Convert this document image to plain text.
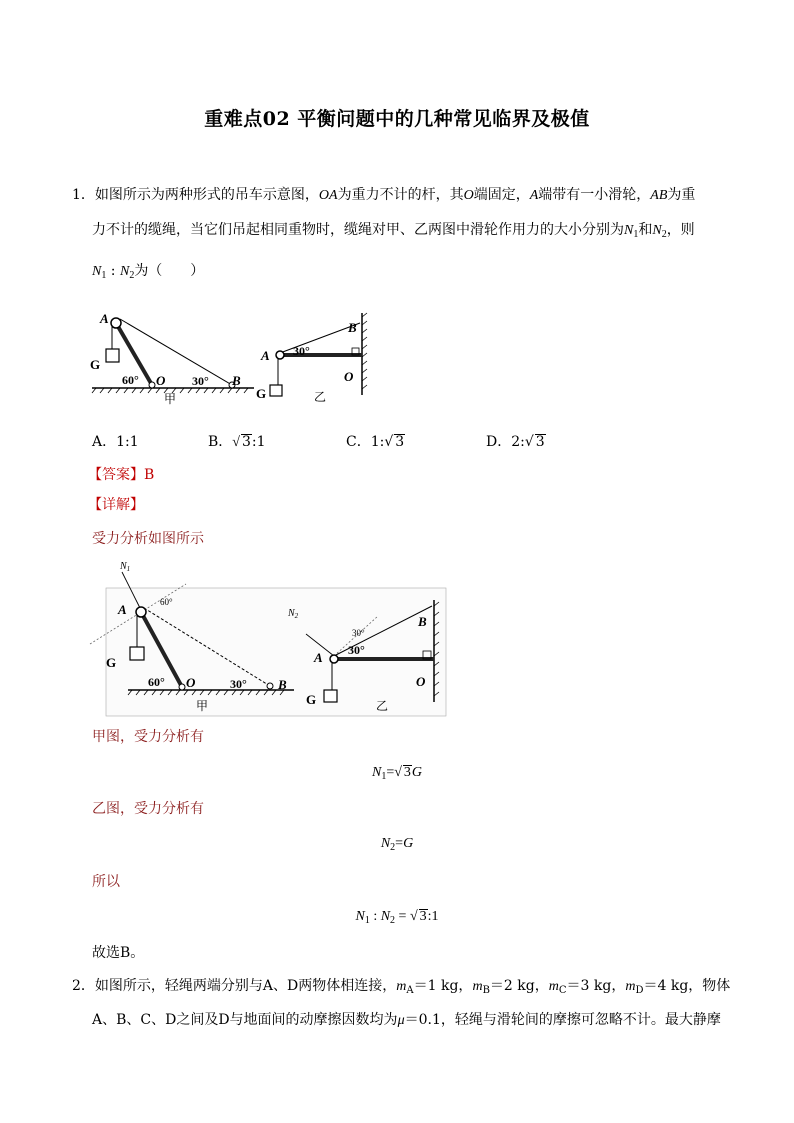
重难点02 平衡问题中的几种常见临界及极值
1．如图所示为两种形式的吊车示意图，OA为重力不计的杆，其O端固定，A端带有一小滑轮，AB为重
力不计的缆绳，当它们吊起相同重物时，缆绳对甲、乙两图中滑轮作用力的大小分别为$N_1$和$N_2$，则
$N_1$ : $N_2$为（　　）
A
G
60° O 30° B
甲
A 30°
B
O
G	乙
A．1:1	B．√ 3:1	C．1:√ 3	D．2:√ 3
【答案】B
【详解】
受力分析如图所示
$N_1$
60°
A
G
60° O	30° B
甲
$N_2$
30°
A 30°
B
O
G	乙
甲图，受力分析有
$N_1=√$ 3G
乙图，受力分析有
$N_2=G$
所以
$N_1$ : $N_2$ = √ 3:1
故选B。
2．如图所示，轻绳两端分别与A、D两物体相连接，$m_A=1$ kg，$m_B=2$ kg，$m_C=3$ kg，$m_D=4$ kg，物体
A、B、C、D之间及D与地面间的动摩擦因数均为μ＝0.1，轻绳与滑轮间的摩擦可忽略不计。最大静摩
